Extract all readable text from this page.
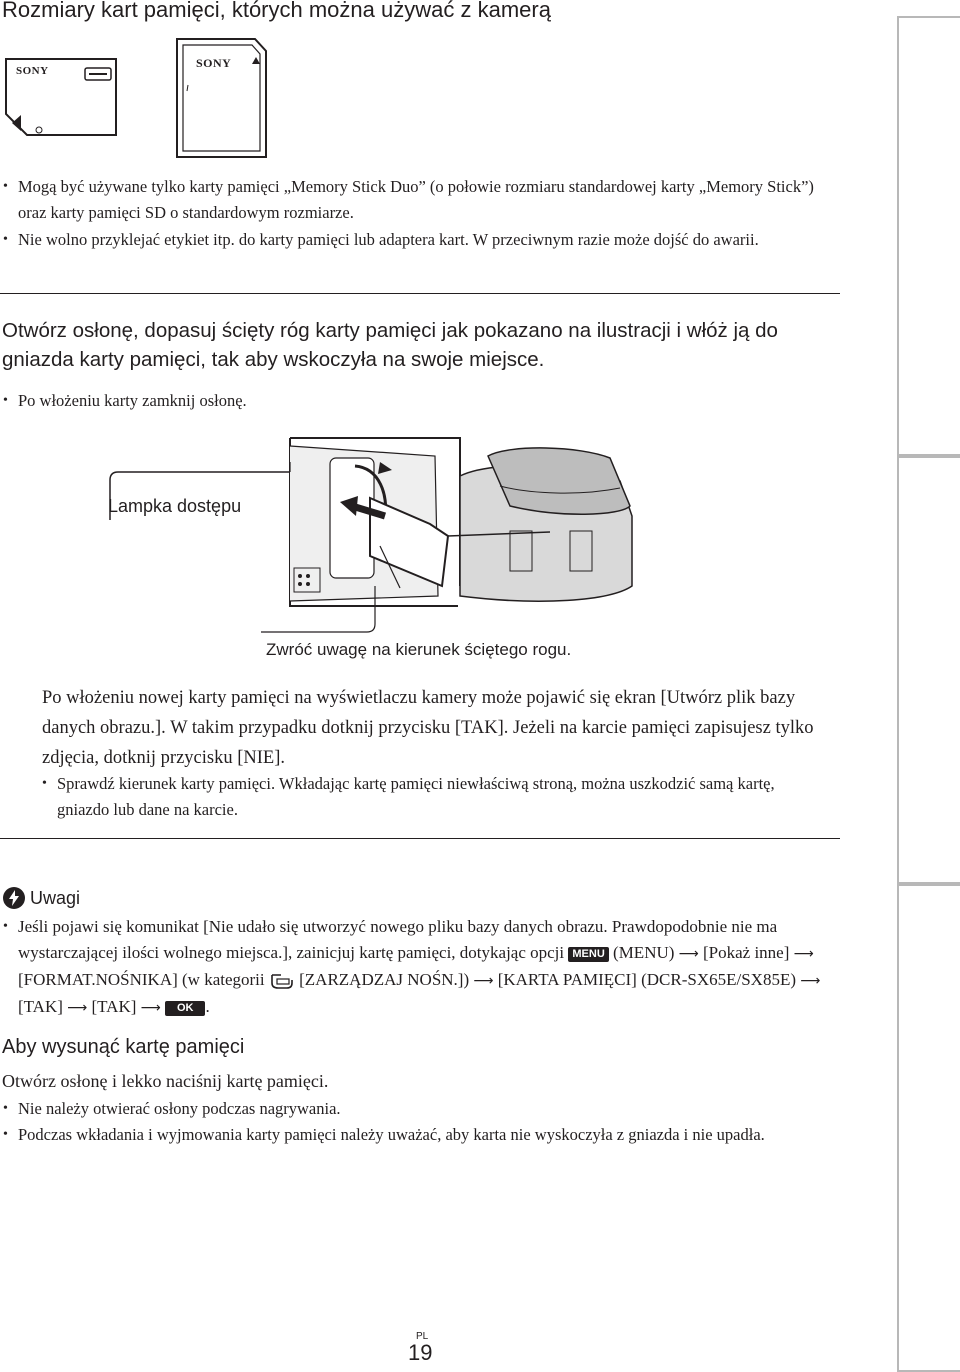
Rozmiary kart pamięci, których można używać z kamerą
SONY
SONY
• Mogą być używane tylko karty pamięci „Memory Stick Duo” (o połowie rozmiaru standardowej karty „Memory Stick”) oraz karty pamięci SD o standardowym rozmiarze.
• Nie wolno przyklejać etykiet itp. do karty pamięci lub adaptera kart. W przeciwnym razie może dojść do awarii.
Otwórz osłonę, dopasuj ścięty róg karty pamięci jak pokazano na ilustracji i włóż ją do gniazda karty pamięci, tak aby wskoczyła na swoje miejsce.
• Po włożeniu karty zamknij osłonę.
Lampka dostępu
Zwróć uwagę na kierunek ściętego rogu.
Po włożeniu nowej karty pamięci na wyświetlaczu kamery może pojawić się ekran [Utwórz plik bazy danych obrazu.]. W takim przypadku dotknij przycisku [TAK]. Jeżeli na karcie pamięci zapisujesz tylko zdjęcia, dotknij przycisku [NIE].
• Sprawdź kierunek karty pamięci. Wkładając kartę pamięci niewłaściwą stroną, można uszkodzić samą kartę, gniazdo lub dane na karcie.
Uwagi
• Jeśli pojawi się komunikat [Nie udało się utworzyć nowego pliku bazy danych obrazu. Prawdopodobnie nie ma wystarczającej ilości wolnego miejsca.], zainicjuj kartę pamięci, dotykając opcji MENU (MENU) ⟶ [Pokaż inne] ⟶ [FORMAT.NOŚNIKA] (w kategorii [ZARZĄDZAJ NOŚN.]) ⟶ [KARTA PAMIĘCI] (DCR-SX65E/SX85E) ⟶ [TAK] ⟶ [TAK] ⟶ OK .
Aby wysunąć kartę pamięci
Otwórz osłonę i lekko naciśnij kartę pamięci.
• Nie należy otwierać osłony podczas nagrywania.
• Podczas wkładania i wyjmowania karty pamięci należy uważać, aby karta nie wyskoczyła z gniazda i nie upadła.
PL
19
